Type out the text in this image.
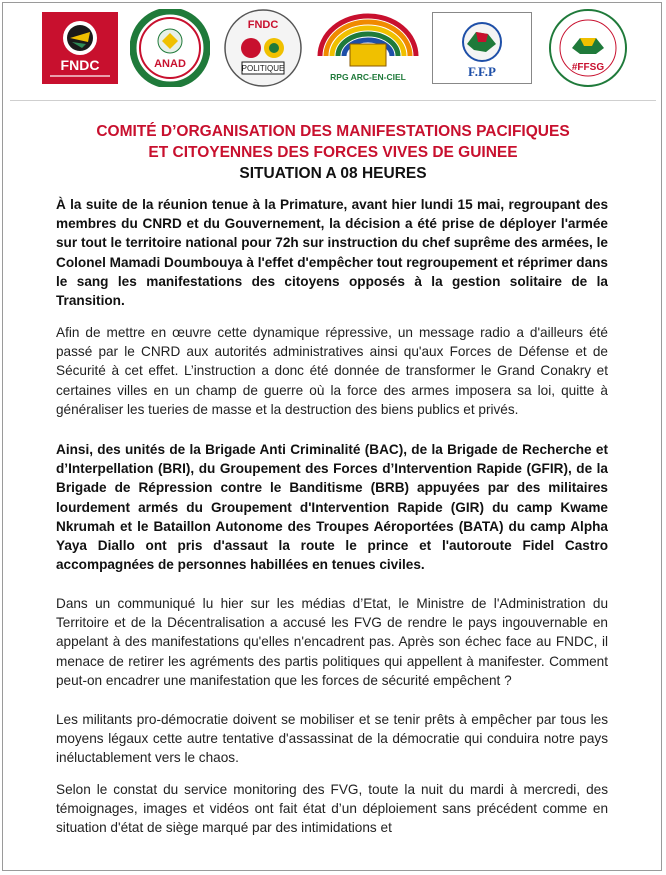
FNDC	ANAD
FNDC
POLITIQUE
RPG ARC-EN-CIEL	F.F.P	#FFSG
COMITÉ D’ORGANISATION DES MANIFESTATIONS PACIFIQUES
ET CITOYENNES DES FORCES VIVES DE GUINEE
SITUATION A 08 HEURES
À la suite de la réunion tenue à la Primature, avant hier lundi 15 mai, regroupant des membres du CNRD et du Gouvernement, la décision a été prise de déployer l'armée sur tout le territoire national pour 72h sur instruction du chef suprême des armées, le Colonel Mamadi Doumbouya à l'effet d'empêcher tout regroupement et réprimer dans le sang les manifestations des citoyens opposés à la gestion solitaire de la Transition.
Afin de mettre en œuvre cette dynamique répressive, un message radio a d'ailleurs été passé par le CNRD aux autorités administratives ainsi qu'aux Forces de Défense et de Sécurité à cet effet. L’instruction a donc été donnée de transformer le Grand Conakry et certaines villes en un champ de guerre où la force des armes imposera sa loi, quitte à généraliser les tueries de masse et la destruction des biens publics et privés.
Ainsi, des unités de la Brigade Anti Criminalité (BAC), de la Brigade de Recherche et d’Interpellation (BRI), du Groupement des Forces d’Intervention Rapide (GFIR), de la Brigade de Répression contre le Banditisme (BRB) appuyées par des militaires lourdement armés du Groupement d'Intervention Rapide (GIR) du camp Kwame Nkrumah et le Bataillon Autonome des Troupes Aéroportées (BATA) du camp Alpha Yaya Diallo ont pris d'assaut la route le prince et l'autoroute Fidel Castro accompagnées de personnes habillées en tenues civiles.
Dans un communiqué lu hier sur les médias d’Etat, le Ministre de l'Administration du Territoire et de la Décentralisation a accusé les FVG de rendre le pays ingouvernable en appelant à des manifestations qu'elles n'encadrent pas. Après son échec face au FNDC, il menace de retirer les agréments des partis politiques qui appellent à manifester. Comment peut-on encadrer une manifestation que les forces de sécurité empêchent ?
Les militants pro-démocratie doivent se mobiliser et se tenir prêts à empêcher par tous les moyens légaux cette autre tentative d'assassinat de la démocratie qui conduira notre pays inéluctablement vers le chaos.
Selon le constat du service monitoring des FVG, toute la nuit du mardi à mercredi, des témoignages, images et vidéos ont fait état d’un déploiement sans précédent comme en situation d'état de siège marqué par des intimidations et
